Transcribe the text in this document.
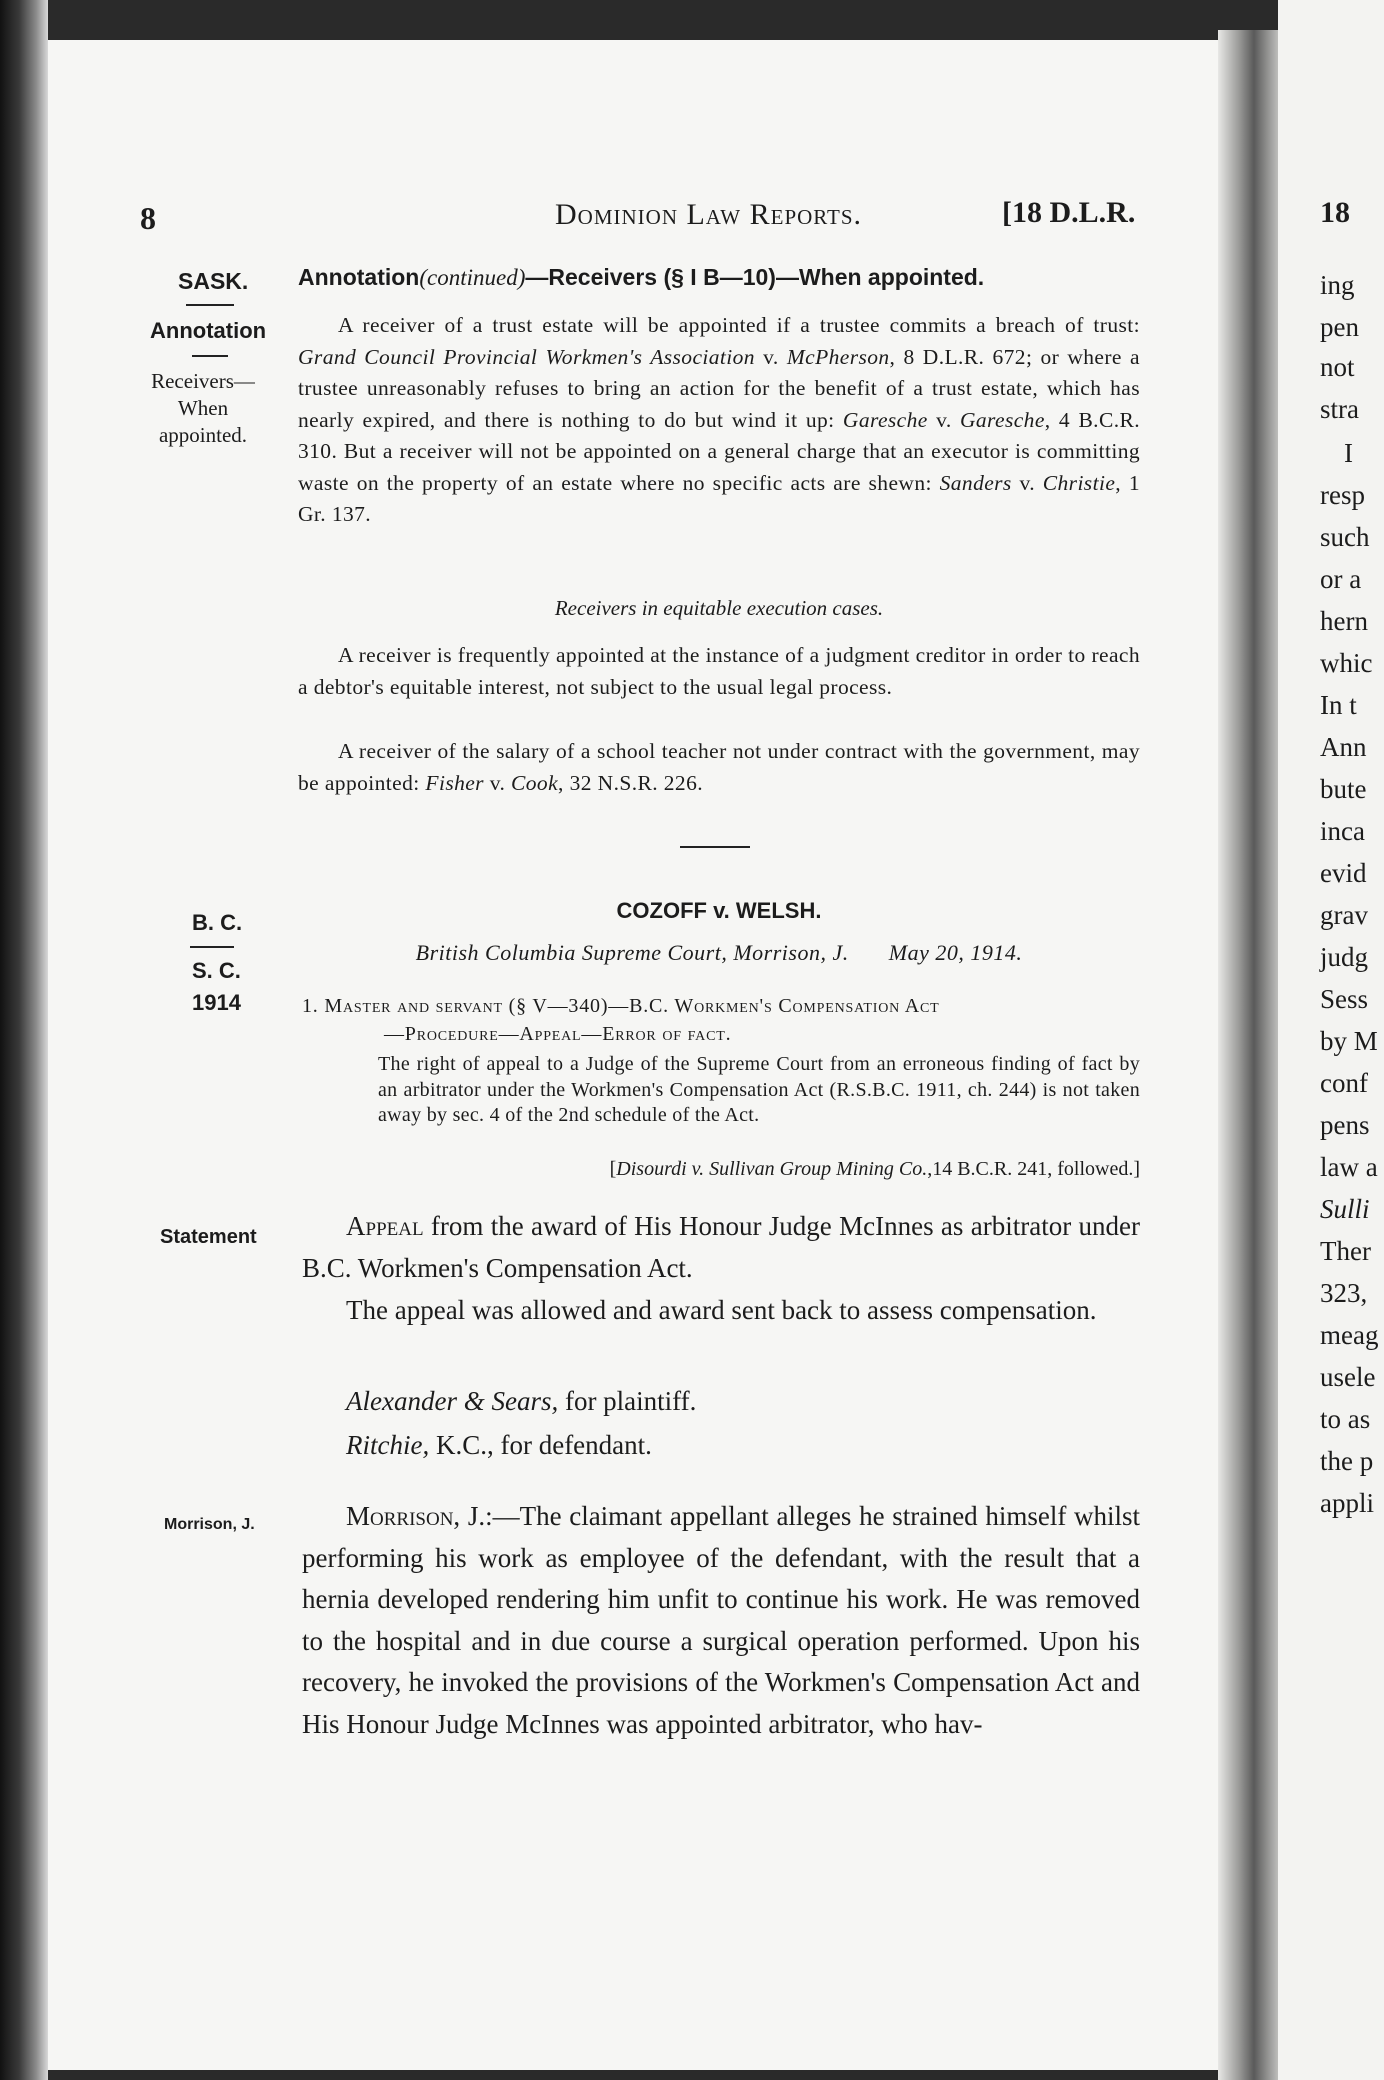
18
ing
pen
not
stra
I
resp
such
or a
hern
whic
In t
Ann
bute
inca
evid
grav
judg
Sess
by M
conf
pens
law a
Sulli
Ther
323,
meag
usele
to as
the p
appli
8	Dominion Law Reports.	[18 D.L.R.
SASK.
Annotation
Receivers—
When
appointed.
Annotation(continued)—Receivers (§ I B—10)—When appointed.
A receiver of a trust estate will be appointed if a trustee commits a breach of trust: Grand Council Provincial Workmen's Association v. McPherson, 8 D.L.R. 672; or where a trustee unreasonably refuses to bring an action for the benefit of a trust estate, which has nearly expired, and there is nothing to do but wind it up: Garesche v. Garesche, 4 B.C.R. 310. But a receiver will not be appointed on a general charge that an executor is committing waste on the property of an estate where no specific acts are shewn: Sanders v. Christie, 1 Gr. 137.
Receivers in equitable execution cases.
A receiver is frequently appointed at the instance of a judgment creditor in order to reach a debtor's equitable interest, not subject to the usual legal process.
A receiver of the salary of a school teacher not under contract with the government, may be appointed: Fisher v. Cook, 32 N.S.R. 226.
B. C.
S. C.
1914
COZOFF v. WELSH.
British Columbia Supreme Court, Morrison, J. May 20, 1914.
1. Master and servant (§ V—340)—B.C. Workmen's Compensation Act
—Procedure—Appeal—Error of fact.
The right of appeal to a Judge of the Supreme Court from an erroneous finding of fact by an arbitrator under the Workmen's Compensation Act (R.S.B.C. 1911, ch. 244) is not taken away by sec. 4 of the 2nd schedule of the Act.
[Disourdi v. Sullivan Group Mining Co.,14 B.C.R. 241, followed.]
Statement	Appeal from the award of His Honour Judge McInnes as arbitrator under B.C. Workmen's Compensation Act.
The appeal was allowed and award sent back to assess compensation.
Alexander & Sears, for plaintiff.
Ritchie, K.C., for defendant.
Morrison, J.	Morrison, J.:—The claimant appellant alleges he strained himself whilst performing his work as employee of the defendant, with the result that a hernia developed rendering him unfit to continue his work. He was removed to the hospital and in due course a surgical operation performed. Upon his recovery, he invoked the provisions of the Workmen's Compensation Act and His Honour Judge McInnes was appointed arbitrator, who hav-
